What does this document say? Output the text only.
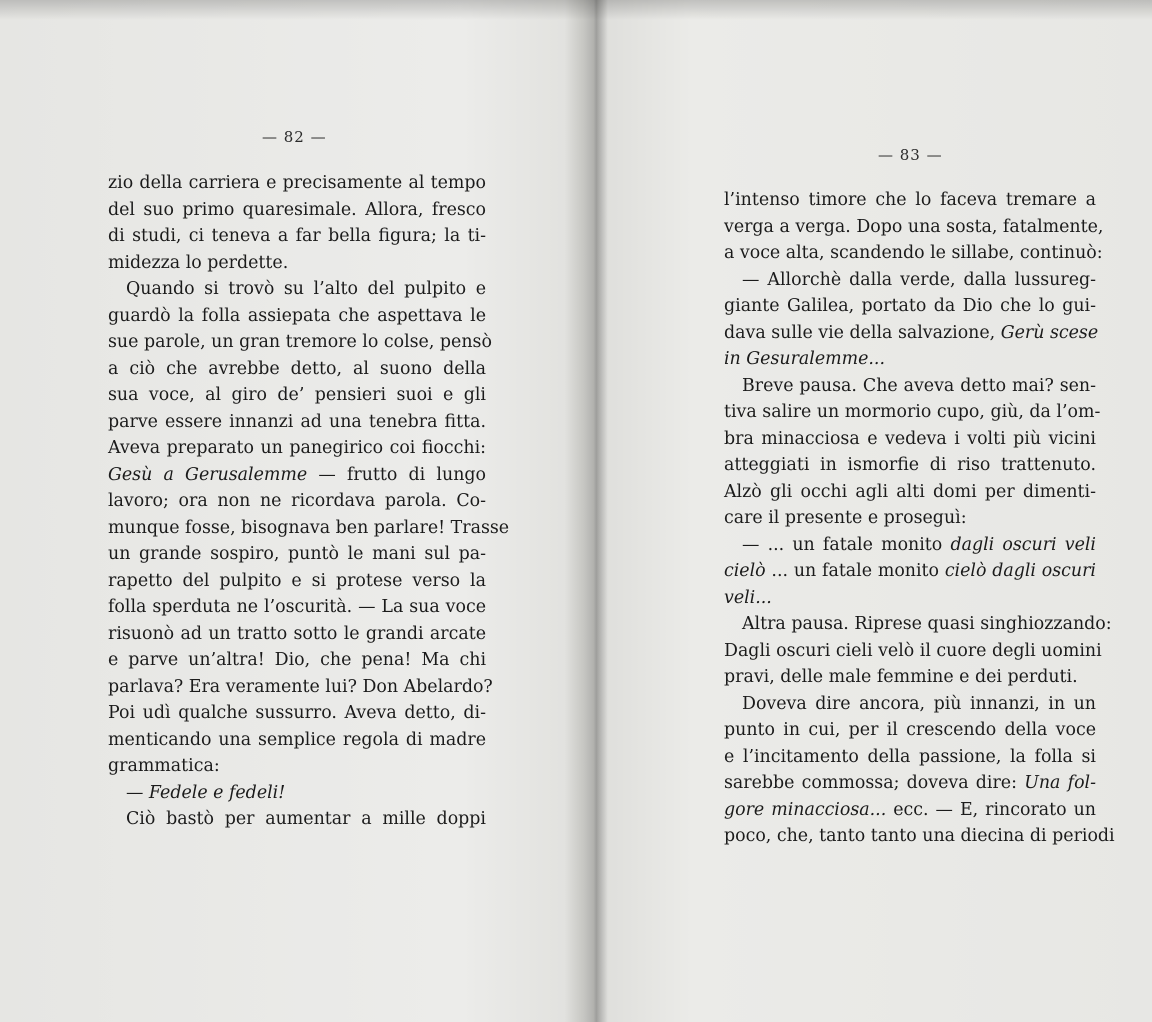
— 82 —
zio della carriera e precisamente al tempo
del suo primo quaresimale. Allora, fresco
di studi, ci teneva a far bella figura; la ti-
midezza lo perdette.
Quando si trovò su l’alto del pulpito e
guardò la folla assiepata che aspettava le
sue parole, un gran tremore lo colse, pensò
a ciò che avrebbe detto, al suono della
sua voce, al giro de’ pensieri suoi e gli
parve essere innanzi ad una tenebra fitta.
Aveva preparato un panegirico coi fiocchi:
Gesù a Gerusalemme — frutto di lungo
lavoro; ora non ne ricordava parola. Co-
munque fosse, bisognava ben parlare! Trasse
un grande sospiro, puntò le mani sul pa-
rapetto del pulpito e si protese verso la
folla sperduta ne l’oscurità. — La sua voce
risuonò ad un tratto sotto le grandi arcate
e parve un’altra! Dio, che pena! Ma chi
parlava? Era veramente lui? Don Abelardo?
Poi udì qualche sussurro. Aveva detto, di-
menticando una semplice regola di madre
grammatica:
— Fedele e fedeli!
Ciò bastò per aumentar a mille doppi
— 83 —
l’intenso timore che lo faceva tremare a
verga a verga. Dopo una sosta, fatalmente,
a voce alta, scandendo le sillabe, continuò:
— Allorchè dalla verde, dalla lussureg-
giante Galilea, portato da Dio che lo gui-
dava sulle vie della salvazione, Gerù scese
in Gesuralemme...
Breve pausa. Che aveva detto mai? sen-
tiva salire un mormorio cupo, giù, da l’om-
bra minacciosa e vedeva i volti più vicini
atteggiati in ismorfie di riso trattenuto.
Alzò gli occhi agli alti domi per dimenti-
care il presente e proseguì:
— ... un fatale monito dagli oscuri veli
cielò ... un fatale monito cielò dagli oscuri
veli...
Altra pausa. Riprese quasi singhiozzando:
Dagli oscuri cieli velò il cuore degli uomini
pravi, delle male femmine e dei perduti.
Doveva dire ancora, più innanzi, in un
punto in cui, per il crescendo della voce
e l’incitamento della passione, la folla si
sarebbe commossa; doveva dire: Una fol-
gore minacciosa... ecc. — E, rincorato un
poco, che, tanto tanto una diecina di periodi
